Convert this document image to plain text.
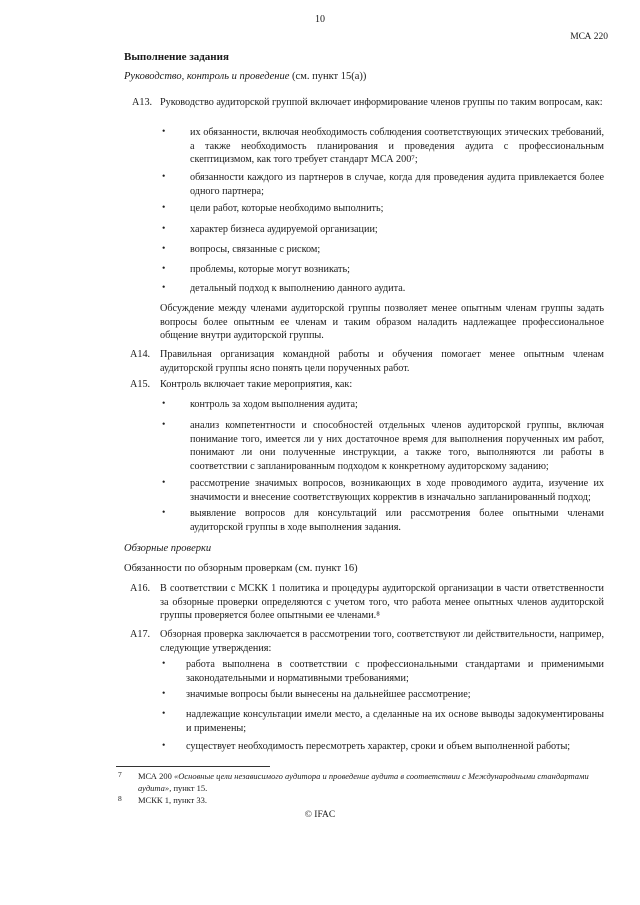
10
МСА 220
Выполнение задания
Руководство, контроль и проведение (см. пункт 15(а))
A13. Руководство аудиторской группой включает информирование членов группы по таким вопросам, как:
• их обязанности, включая необходимость соблюдения соответствующих этических требований, а также необходимость планирования и проведения аудита с профессиональным скептицизмом, как того требует стандарт МСА 200⁷;
• обязанности каждого из партнеров в случае, когда для проведения аудита привлекается более одного партнера;
• цели работ, которые необходимо выполнить;
• характер бизнеса аудируемой организации;
• вопросы, связанные с риском;
• проблемы, которые могут возникать;
• детальный подход к выполнению данного аудита.
Обсуждение между членами аудиторской группы позволяет менее опытным членам группы задать вопросы более опытным ее членам и таким образом наладить надлежащее профессиональное общение внутри аудиторской группы.
A14. Правильная организация командной работы и обучения помогает менее опытным членам аудиторской группы ясно понять цели порученных работ.
A15. Контроль включает такие мероприятия, как:
• контроль за ходом выполнения аудита;
• анализ компетентности и способностей отдельных членов аудиторской группы, включая понимание того, имеется ли у них достаточное время для выполнения порученных им работ, понимают ли они полученные инструкции, а также того, выполняются ли работы в соответствии с запланированным подходом к конкретному аудиторскому заданию;
• рассмотрение значимых вопросов, возникающих в ходе проводимого аудита, изучение их значимости и внесение соответствующих корректив в изначально запланированный подход;
• выявление вопросов для консультаций или рассмотрения более опытными членами аудиторской группы в ходе выполнения задания.
Обзорные проверки
Обязанности по обзорным проверкам (см. пункт 16)
A16. В соответствии с МСКК 1 политика и процедуры аудиторской организации в части ответственности за обзорные проверки определяются с учетом того, что работа менее опытных членов аудиторской группы проверяется более опытными ее членами.⁸
A17. Обзорная проверка заключается в рассмотрении того, соответствуют ли действительности, например, следующие утверждения:
• работа выполнена в соответствии с профессиональными стандартами и применимыми законодательными и нормативными требованиями;
• значимые вопросы были вынесены на дальнейшее рассмотрение;
• надлежащие консультации имели место, а сделанные на их основе выводы задокументированы и применены;
• существует необходимость пересмотреть характер, сроки и объем выполненной работы;
7 МСА 200 «Основные цели независимого аудитора и проведение аудита в соответствии с Международными стандартами аудита», пункт 15.
8 МСКК 1, пункт 33.
© IFAC
